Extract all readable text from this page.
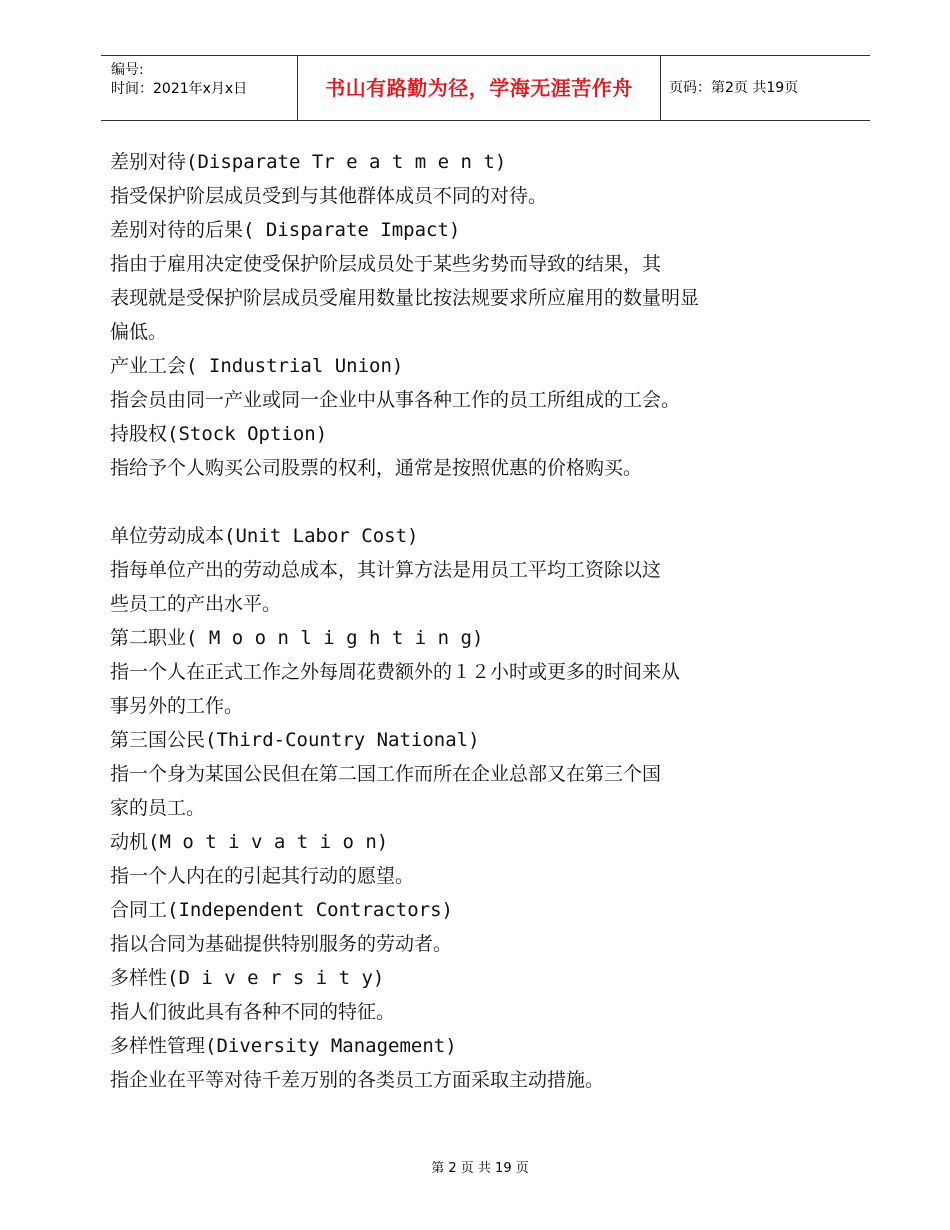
编号:
时间：2021年x月x日	书山有路勤为径，学海无涯苦作舟	页码：第2页 共19页
差别对待(Disparate Tr e a t m e n t)
指受保护阶层成员受到与其他群体成员不同的对待。
差别对待的后果( Disparate Impact)
指由于雇用决定使受保护阶层成员处于某些劣势而导致的结果，其
表现就是受保护阶层成员受雇用数量比按法规要求所应雇用的数量明显
偏低。
产业工会( Industrial Union)
指会员由同一产业或同一企业中从事各种工作的员工所组成的工会。
持股权(Stock Option)
指给予个人购买公司股票的权利，通常是按照优惠的价格购买。
单位劳动成本(Unit Labor Cost)
指每单位产出的劳动总成本，其计算方法是用员工平均工资除以这
些员工的产出水平。
第二职业( M o o n l i g h t i n g)
指一个人在正式工作之外每周花费额外的１２小时或更多的时间来从
事另外的工作。
第三国公民(Third-Country National)
指一个身为某国公民但在第二国工作而所在企业总部又在第三个国
家的员工。
动机(M o t i v a t i o n)
指一个人内在的引起其行动的愿望。
合同工(Independent Contractors)
指以合同为基础提供特别服务的劳动者。
多样性(D i v e r s i t y)
指人们彼此具有各种不同的特征。
多样性管理(Diversity Management)
指企业在平等对待千差万别的各类员工方面采取主动措施。
第 2 页 共 19 页
